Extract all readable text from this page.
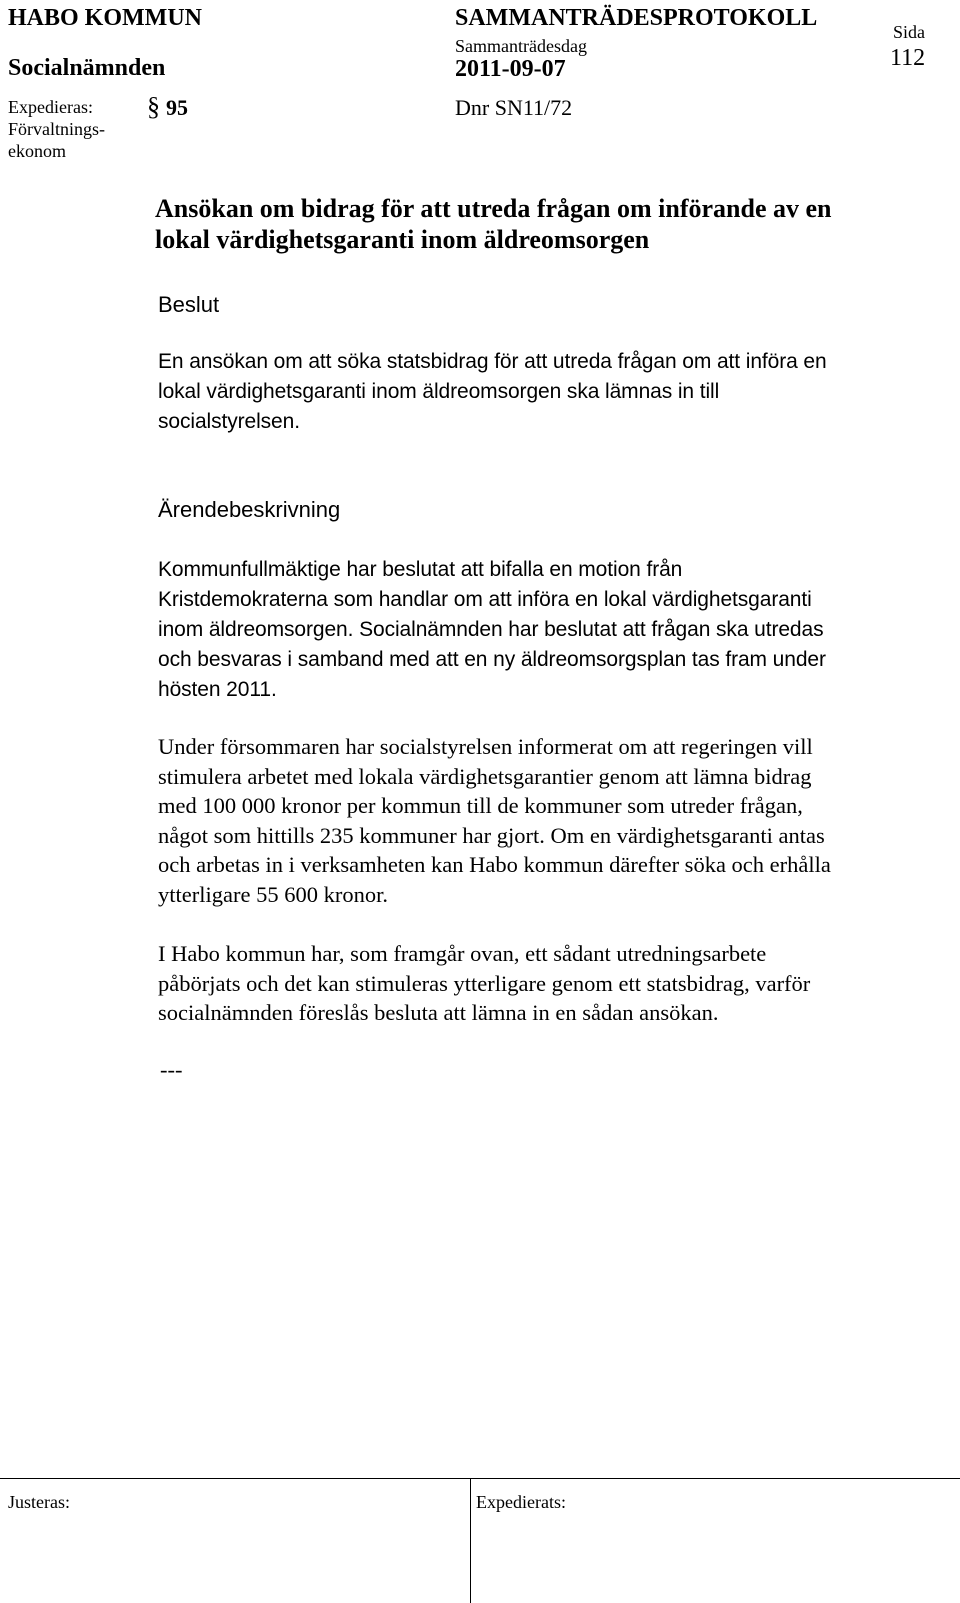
HABO KOMMUN
Socialnämnden
SAMMANTRÄDESPROTOKOLL
Sammanträdesdag
2011-09-07
Sida
112
Expedieras:
Förvaltnings-
ekonom
§ 95	Dnr SN11/72
Ansökan om bidrag för att utreda frågan om införande av en
lokal värdighetsgaranti inom äldreomsorgen
Beslut
En ansökan om att söka statsbidrag för att utreda frågan om att införa en
lokal värdighetsgaranti inom äldreomsorgen ska lämnas in till
socialstyrelsen.
Ärendebeskrivning
Kommunfullmäktige har beslutat att bifalla en motion från
Kristdemokraterna som handlar om att införa en lokal värdighetsgaranti
inom äldreomsorgen. Socialnämnden har beslutat att frågan ska utredas
och besvaras i samband med att en ny äldreomsorgsplan tas fram under
hösten 2011.
Under försommaren har socialstyrelsen informerat om att regeringen vill
stimulera arbetet med lokala värdighetsgarantier genom att lämna bidrag
med 100 000 kronor per kommun till de kommuner som utreder frågan,
något som hittills 235 kommuner har gjort. Om en värdighetsgaranti antas
och arbetas in i verksamheten kan Habo kommun därefter söka och erhålla
ytterligare 55 600 kronor.
I Habo kommun har, som framgår ovan, ett sådant utredningsarbete
påbörjats och det kan stimuleras ytterligare genom ett statsbidrag, varför
socialnämnden föreslås besluta att lämna in en sådan ansökan.
---
Justeras:	Expedierats:
